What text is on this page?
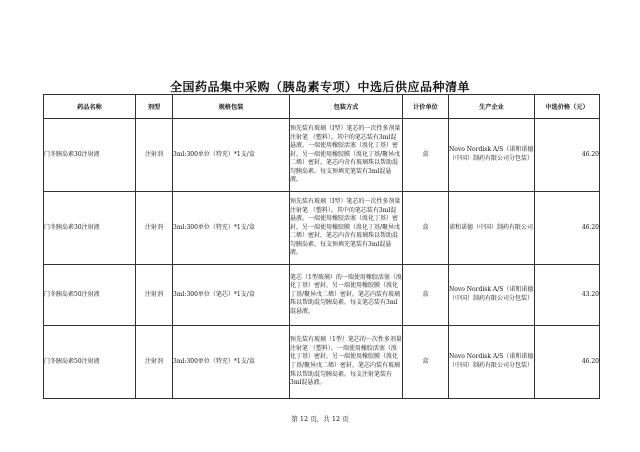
全国药品集中采购（胰岛素专项）中选后供应品种清单
药品名称	剂型	规格包装	包装方式	计价单位	生产企业	中选价格（元）
门冬胰岛素30注射液	注射剂	3ml:300单位（特充）*1支/盒	预先装有玻璃（I型）笔芯的一次性多剂量注射笔 （塑料）。其中的笔芯装有3ml混悬液。一端使用橡胶活塞（溴化丁基）密封，另一端使用橡胶膜（溴化丁基/聚异戊二烯）密封。笔芯内含有玻璃珠以帮助混匀胰岛素。每支预填充笔装有3ml混悬液。	盒	Novo Nordisk A/S（诺和诺德（中国）制药有限公司分包装）	46.20
门冬胰岛素30注射液	注射剂	3ml:300单位（特充）*1支/盒	预先装有玻璃（I型）笔芯的一次性多剂量注射笔 （塑料）。其中的笔芯装有3ml混悬液。一端使用橡胶活塞（溴化丁基）密封，另一端使用橡胶膜（溴化丁基/聚异戊二烯）密封。笔芯内含有玻璃珠以帮助混匀胰岛素。每支预填充笔装有3ml混悬液。	盒	诺和诺德（中国）制药有限公司	46.20
门冬胰岛素50注射液	注射剂	3ml:300单位（笔芯）*1支/盒	笔芯（1型玻璃）的一端使用橡胶活塞（溴化丁基）密封，另一端使用橡胶膜（溴化丁基/聚异戊二烯）密封。笔芯内装有玻璃珠以帮助混匀胰岛素。每支笔芯装有3ml混悬液。	盒	Novo Nordisk A/S（诺和诺德（中国）制药有限公司分包装）	43.20
门冬胰岛素50注射液	注射剂	3ml:300单位（特充）*1支/盒	预先装有玻璃（1型）笔芯的一次性多剂量注射笔 （塑料）。一端使用橡胶活塞（溴化丁基）密封，另一端使用橡胶膜（溴化丁基/聚异戊二烯）密封。笔芯内装有玻璃珠以帮助混匀胰岛素。每支注射笔装有3ml混悬液。	盒	Novo Nordisk A/S（诺和诺德（中国）制药有限公司分包装）	46.20
第 12 页，共 12 页
